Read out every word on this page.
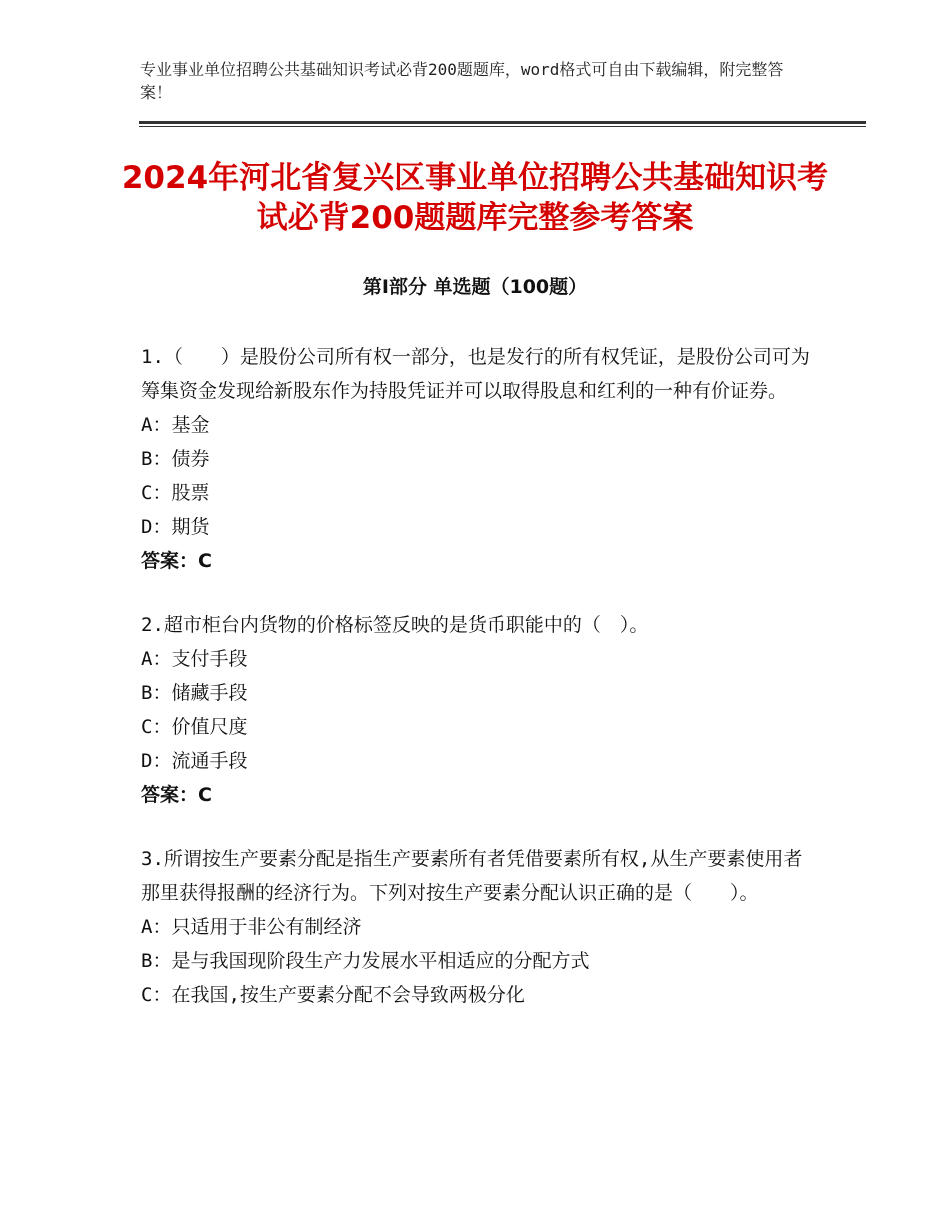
专业事业单位招聘公共基础知识考试必背200题题库，word格式可自由下载编辑，附完整答案！
2024年河北省复兴区事业单位招聘公共基础知识考试必背200题题库完整参考答案
第Ⅰ部分 单选题（100题）

1.（　　）是股份公司所有权一部分，也是发行的所有权凭证，是股份公司可为筹集资金发现给新股东作为持股凭证并可以取得股息和红利的一种有价证券。

A：基金
B：债券
C：股票
D：期货
答案：C

2.超市柜台内货物的价格标签反映的是货币职能中的（　）。

A：支付手段
B：储藏手段
C：价值尺度
D：流通手段
答案：C

3.所谓按生产要素分配是指生产要素所有者凭借要素所有权,从生产要素使用者那里获得报酬的经济行为。下列对按生产要素分配认识正确的是（　　）。

A：只适用于非公有制经济
B：是与我国现阶段生产力发展水平相适应的分配方式
C：在我国,按生产要素分配不会导致两极分化
